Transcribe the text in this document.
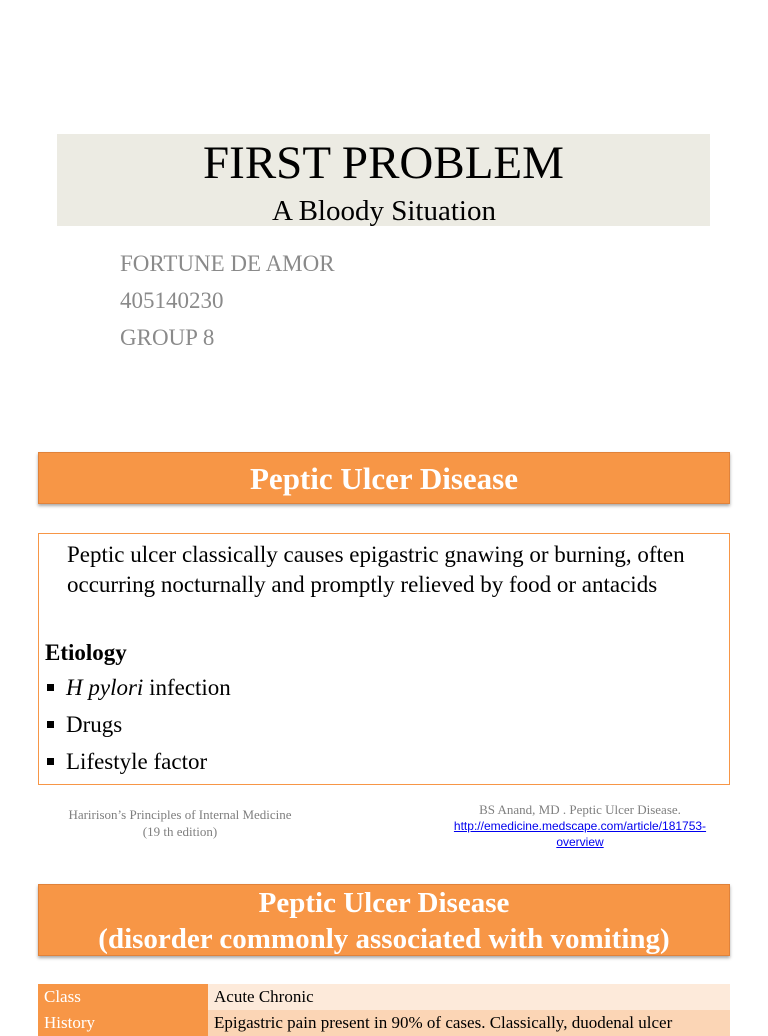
FIRST PROBLEM
A Bloody Situation
FORTUNE DE AMOR
405140230
GROUP 8
Peptic Ulcer Disease
Peptic ulcer classically causes epigastric gnawing or burning, often occurring nocturnally and promptly relieved by food or antacids
Etiology
H pylori infection
Drugs
Lifestyle factor
Haririson’s Principles of Internal Medicine
(19 th edition)
BS Anand, MD . Peptic Ulcer Disease.
http://emedicine.medscape.com/article/181753-
overview
Peptic Ulcer Disease
(disorder commonly associated with vomiting)
Class	Acute Chronic
History	Epigastric pain present in 90% of cases. Classically, duodenal ulcer
